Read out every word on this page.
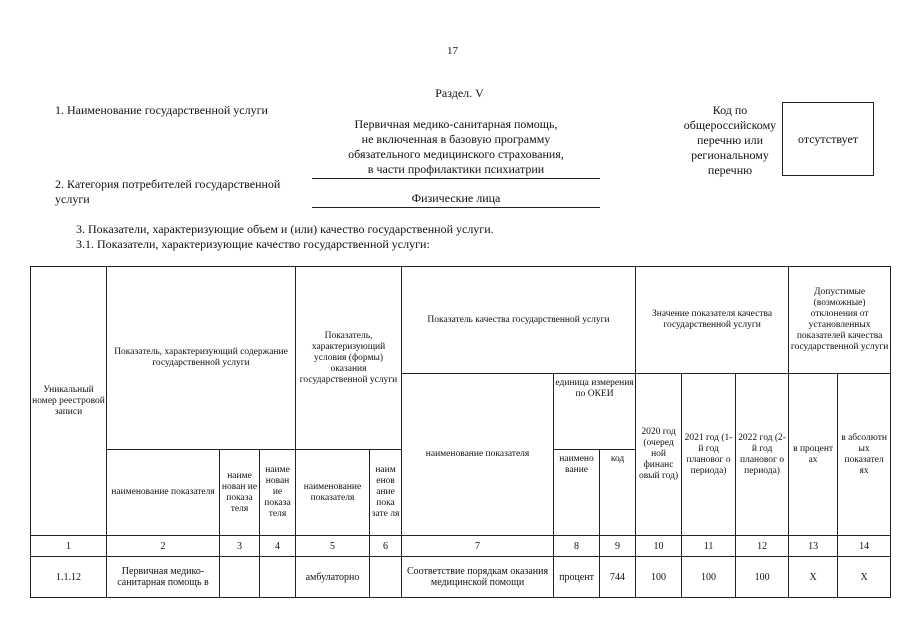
17
Раздел. V
1. Наименование государственной услуги
Первичная медико-санитарная помощь,
не включенная в базовую программу
обязательного медицинского страхования,
в части профилактики психиатрии
Код по
общероссийскому
перечню или
региональному
перечню
отсутствует
2. Категория потребителей государственной услуги	Физические лица
3. Показатели, характеризующие объем и (или) качество государственной услуги.
3.1. Показатели, характеризующие качество государственной услуги:
Уникальный номер реестровой записи	Показатель, характеризующий содержание государственной услуги			Показатель, характеризующий условия (формы) оказания государственной услуги		Показатель качества государственной услуги			Значение показателя качества государственной услуги			Допустимые (возможные) отклонения от установленных показателей качества государственной услуги	
						наименование показателя	единица измерения по ОКЕИ		2020 год (очеред ной финанс овый год)	2021 год (1-й год плановог о периода)	2022 год (2-й год плановог о периода)	в процент ах	в абсолютн ых показател ях
	наименование показателя	наиме нован ие показа теля	наиме нован ие показа теля	наименование показателя	наим енов ание пока зате ля		наимено вание	код					
1	2	3	4	5	6	7	8	9	10	11	12	13	14
1.1.12	Первичная медико-санитарная помощь в			амбулаторно		Соответствие порядкам оказания медицинской помощи	процент	744	100	100	100	Х	Х
